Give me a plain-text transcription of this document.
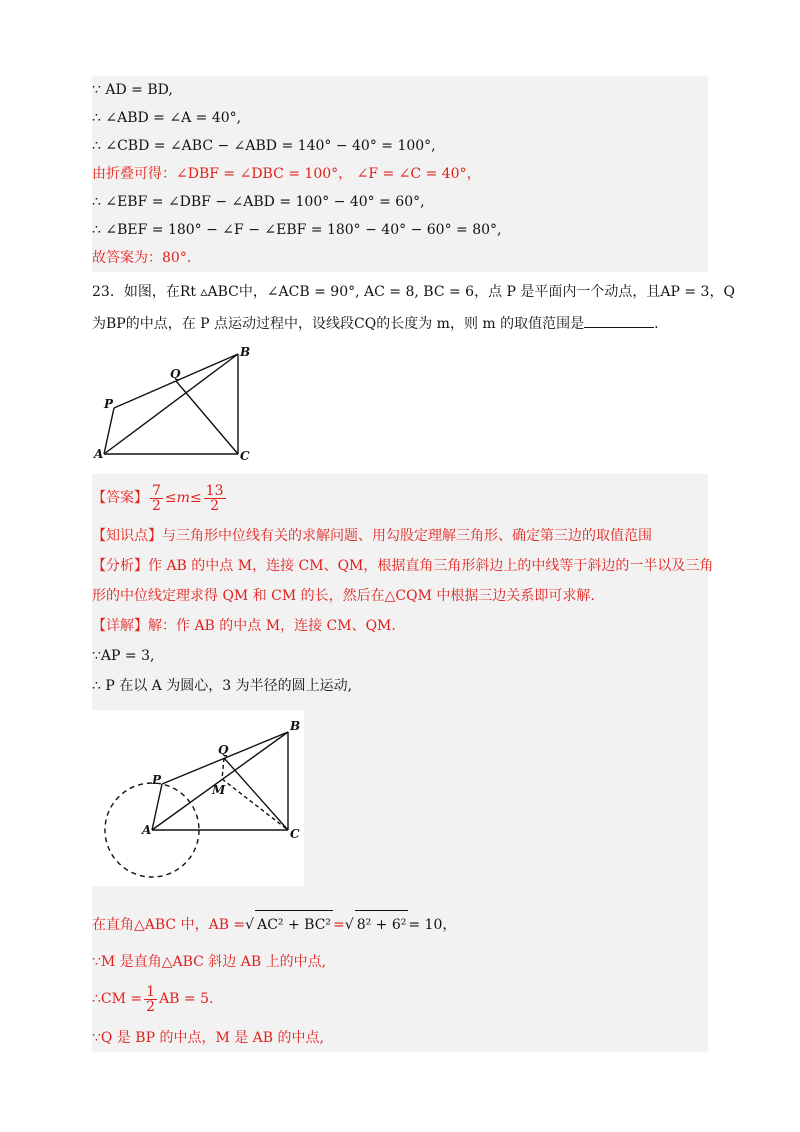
∵ AD = BD,
∴ ∠ABD = ∠A = 40°,
∴ ∠CBD = ∠ABC − ∠ABD = 140° − 40° = 100°,
由折叠可得：∠DBF = ∠DBC = 100°， ∠F = ∠C = 40°，
∴ ∠EBF = ∠DBF − ∠ABD = 100° − 40° = 60°,
∴ ∠BEF = 180° − ∠F − ∠EBF = 180° − 40° − 60° = 80°,
故答案为：80°.
23．如图，在Rt ▵ABC中，∠ACB = 90°, AC = 8, BC = 6，点 P 是平面内一个动点，且AP = 3，Q
为BP的中点，在 P 点运动过程中，设线段CQ的长度为 m，则 m 的取值范围是	.
A
B
C
P
Q
【答案】 $\frac{7}{2} \le m\le \frac{13}{2}$
【知识点】与三角形中位线有关的求解问题、用勾股定理解三角形、确定第三边的取值范围
【分析】作 AB 的中点 M，连接 CM、QM，根据直角三角形斜边上的中线等于斜边的一半以及三角
形的中位线定理求得 QM 和 CM 的长，然后在△CQM 中根据三边关系即可求解.
【详解】解：作 AB 的中点 M，连接 CM、QM.
∵AP = 3,
∴ P 在以 A 为圆心，3 为半径的圆上运动,
A
B
C
P
Q
M
在直角△ABC 中，AB =√ AC² + BC² =√ 8² + 6² = 10，
∵M 是直角△ABC 斜边 AB 上的中点,
∴CM = $\frac{1}{2}$ AB = 5.
∵Q 是 BP 的中点，M 是 AB 的中点,
